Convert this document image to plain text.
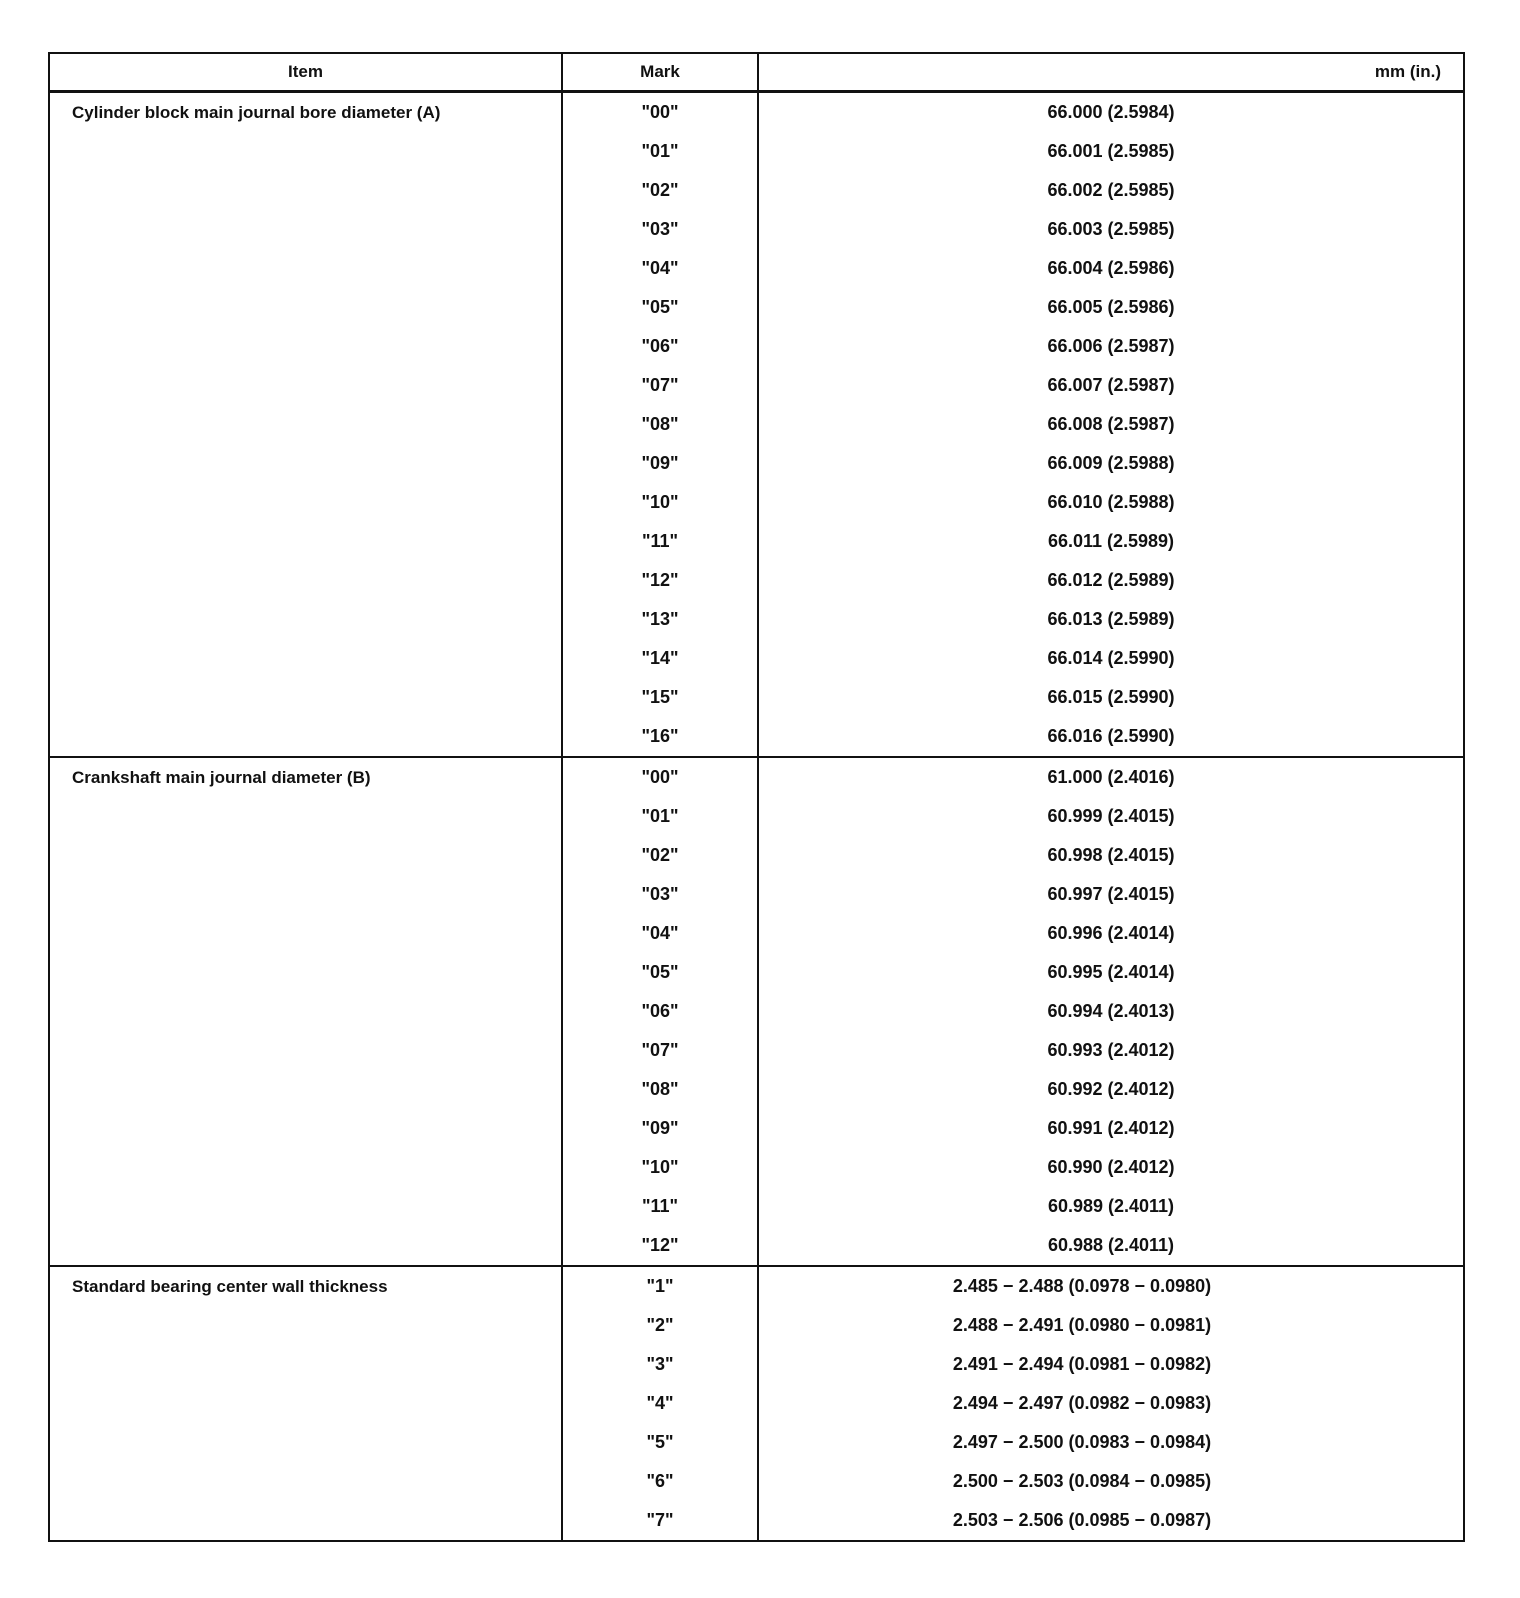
Item	Mark	mm (in.)

Cylinder block main journal bore diameter (A)	"00"	66.000 (2.5984)
	"01"	66.001 (2.5985)
	"02"	66.002 (2.5985)
	"03"	66.003 (2.5985)
	"04"	66.004 (2.5986)
	"05"	66.005 (2.5986)
	"06"	66.006 (2.5987)
	"07"	66.007 (2.5987)
	"08"	66.008 (2.5987)
	"09"	66.009 (2.5988)
	"10"	66.010 (2.5988)
	"11"	66.011 (2.5989)
	"12"	66.012 (2.5989)
	"13"	66.013 (2.5989)
	"14"	66.014 (2.5990)
	"15"	66.015 (2.5990)
	"16"	66.016 (2.5990)

Crankshaft main journal diameter (B)	"00"	61.000 (2.4016)
	"01"	60.999 (2.4015)
	"02"	60.998 (2.4015)
	"03"	60.997 (2.4015)
	"04"	60.996 (2.4014)
	"05"	60.995 (2.4014)
	"06"	60.994 (2.4013)
	"07"	60.993 (2.4012)
	"08"	60.992 (2.4012)
	"09"	60.991 (2.4012)
	"10"	60.990 (2.4012)
	"11"	60.989 (2.4011)
	"12"	60.988 (2.4011)

Standard bearing center wall thickness	"1"	2.485 − 2.488 (0.0978 − 0.0980)
	"2"	2.488 − 2.491 (0.0980 − 0.0981)
	"3"	2.491 − 2.494 (0.0981 − 0.0982)
	"4"	2.494 − 2.497 (0.0982 − 0.0983)
	"5"	2.497 − 2.500 (0.0983 − 0.0984)
	"6"	2.500 − 2.503 (0.0984 − 0.0985)
	"7"	2.503 − 2.506 (0.0985 − 0.0987)
